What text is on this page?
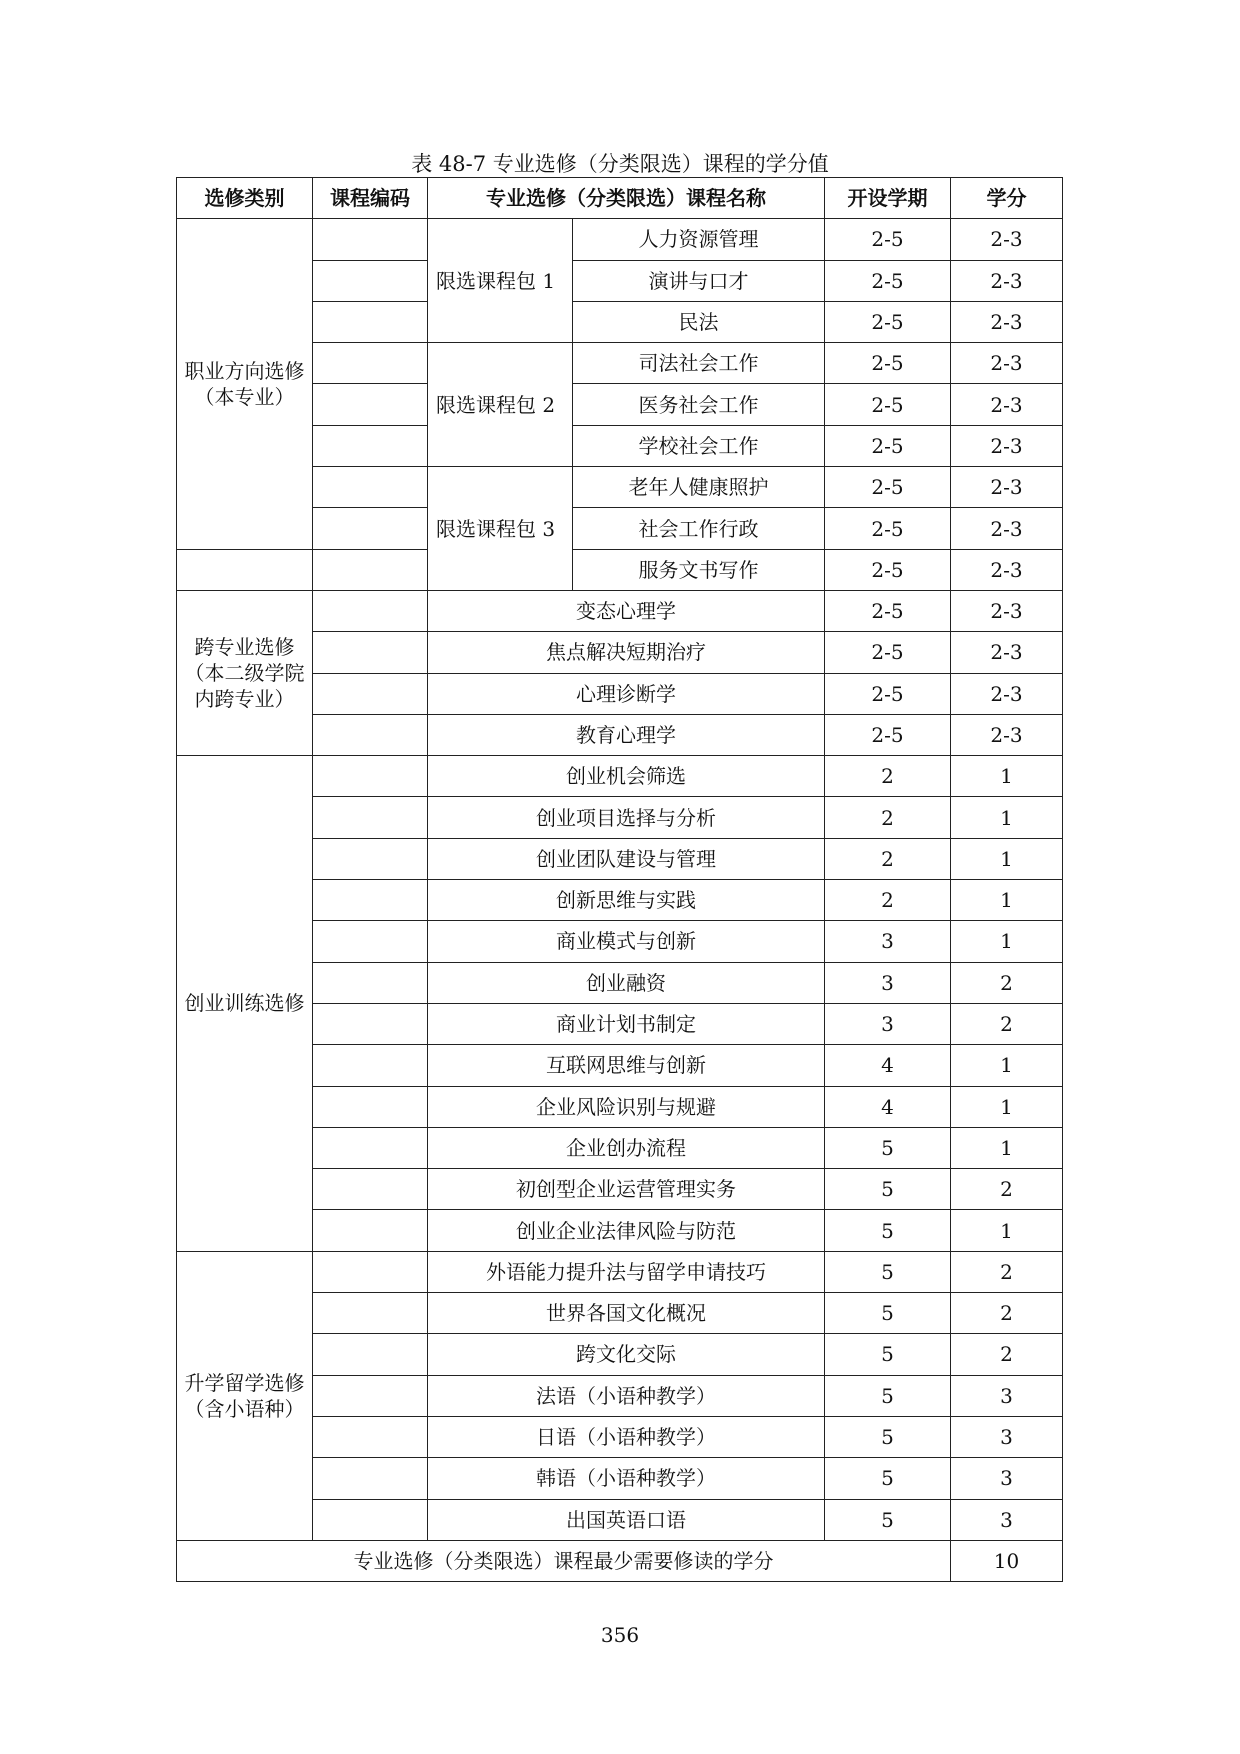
表 48-7 专业选修（分类限选）课程的学分值
选修类别	课程编码	专业选修（分类限选）课程名称		开设学期	学分

职业方向选修
（本专业）		限选课程包 1	人力资源管理	2-5	2-3
			演讲与口才	2-5	2-3
			民法	2-5	2-3
		限选课程包 2	司法社会工作	2-5	2-3
			医务社会工作	2-5	2-3
			学校社会工作	2-5	2-3
		限选课程包 3	老年人健康照护	2-5	2-3
			社会工作行政	2-5	2-3
			服务文书写作	2-5	2-3

跨专业选修
（本二级学院
内跨专业）		变态心理学		2-5	2-3
		焦点解决短期治疗		2-5	2-3
		心理诊断学		2-5	2-3
		教育心理学		2-5	2-3

创业训练选修		创业机会筛选		2	1
		创业项目选择与分析		2	1
		创业团队建设与管理		2	1
		创新思维与实践		2	1
		商业模式与创新		3	1
		创业融资		3	2
		商业计划书制定		3	2
		互联网思维与创新		4	1
		企业风险识别与规避		4	1
		企业创办流程		5	1
		初创型企业运营管理实务		5	2
		创业企业法律风险与防范		5	1

升学留学选修
（含小语种）		外语能力提升法与留学申请技巧		5	2
		世界各国文化概况		5	2
		跨文化交际		5	2
		法语（小语种教学）		5	3
		日语（小语种教学）		5	3
		韩语（小语种教学）		5	3
		出国英语口语		5	3
专业选修（分类限选）课程最少需要修读的学分					10
356
